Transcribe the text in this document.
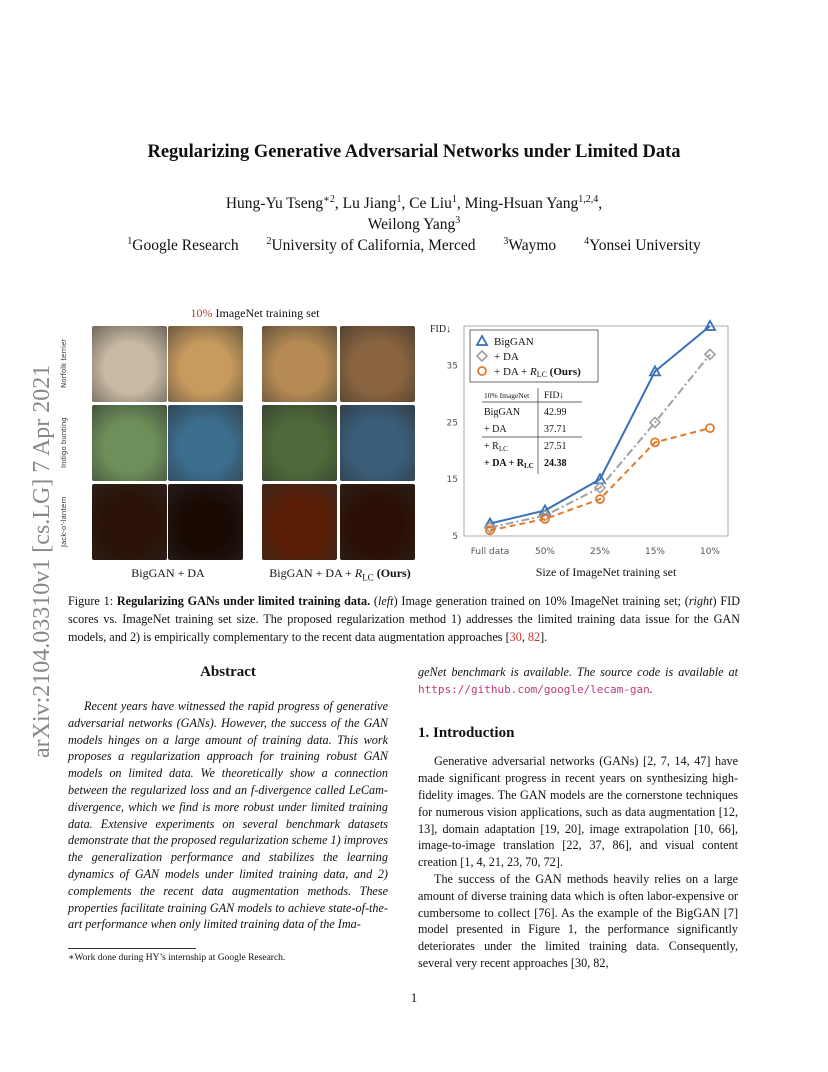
arXiv:2104.03310v1 [cs.LG] 7 Apr 2021
Regularizing Generative Adversarial Networks under Limited Data
Hung-Yu Tseng$^{∗2}$, Lu Jiang$^1$, Ce Liu$^1$, Ming-Hsuan Yang$^{1,2,4}$,
Weilong Yang$^3$
$^1$Google Research	$^2$University of California, Merced	$^3$Waymo	$^4$Yonsei University
10% ImageNet training set
Norfolk terrier
Indigo bunting
Jack-o'-lantern
BigGAN + DA	BigGAN + DA + $R_{LC}$ (Ours)
FID↓
5
15
25
35
Full data	50%	25%	15%	10%
Size of ImageNet training set
BigGAN
+ DA
+ DA + RLC (Ours)
10% ImageNet FID↓
BigGAN 42.99
+ DA	37.71
+ $R_{LC}$	27.51
+ DA + $R_{LC}$ 24.38
Figure 1: Regularizing GANs under limited training data. (left) Image generation trained on 10% ImageNet training set; (right) FID scores vs. ImageNet training set size. The proposed regularization method 1) addresses the limited training data issue for the GAN models, and 2) is empirically complementary to the recent data augmentation approaches [30, 82].
Abstract

Recent years have witnessed the rapid progress of generative adversarial networks (GANs). However, the success of the GAN models hinges on a large amount of training data. This work proposes a regularization approach for training robust GAN models on limited data. We theoretically show a connection between the regularized loss and an f-divergence called LeCam-divergence, which we find is more robust under limited training data. Extensive experiments on several benchmark datasets demonstrate that the proposed regularization scheme 1) improves the generalization performance and stabilizes the learning dynamics of GAN models under limited training data, and 2) complements the recent data augmentation methods. These properties facilitate training GAN models to achieve state-of-the-art performance when only limited training data of the Ima-

geNet benchmark is available. The source code is available at https://github.com/google/lecam-gan.

1. Introduction

Generative adversarial networks (GANs) [2, 7, 14, 47] have made significant progress in recent years on synthesizing high-fidelity images. The GAN models are the cornerstone techniques for numerous vision applications, such as data augmentation [12, 13], domain adaptation [19, 20], image extrapolation [10, 66], image-to-image translation [22, 37, 86], and visual content creation [1, 4, 21, 23, 70, 72].

The success of the GAN methods heavily relies on a large amount of diverse training data which is often labor-expensive or cumbersome to collect [76]. As the example of the BigGAN [7] model presented in Figure 1, the performance significantly deteriorates under the limited training data. Consequently, several very recent approaches [30, 82,

∗Work done during HY’s internship at Google Research.
1
